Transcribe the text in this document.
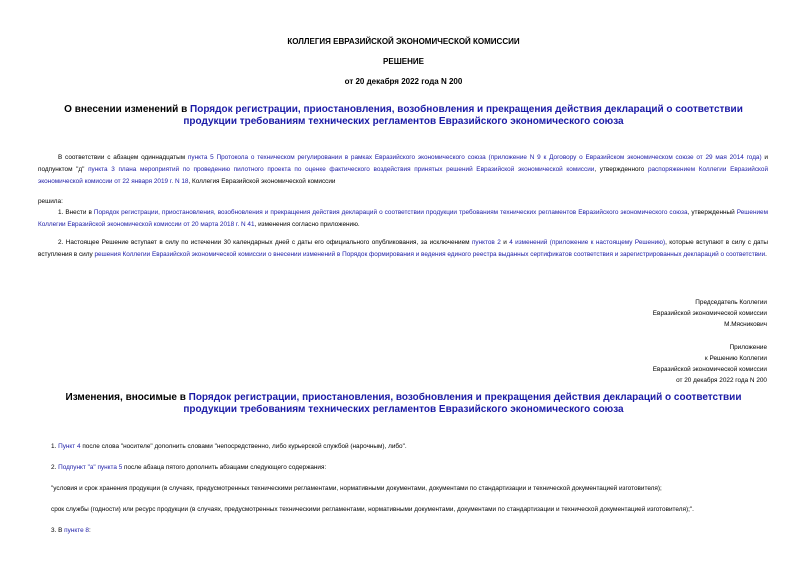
КОЛЛЕГИЯ ЕВРАЗИЙСКОЙ ЭКОНОМИЧЕСКОЙ КОМИССИИ
РЕШЕНИЕ
от 20 декабря 2022 года N 200
О внесении изменений в Порядок регистрации, приостановления, возобновления и прекращения действия деклараций о соответствии продукции требованиям технических регламентов Евразийского экономического союза
В соответствии с абзацем одиннадцатым пункта 5 Протокола о техническом регулировании в рамках Евразийского экономического союза (приложение N 9 к Договору о Евразийском экономическом союзе от 29 мая 2014 года) и подпунктом "д" пункта 3 плана мероприятий по проведению пилотного проекта по оценке фактического воздействия принятых решений Евразийской экономической комиссии, утвержденного распоряжением Коллегии Евразийской экономической комиссии от 22 января 2019 г. N 18, Коллегия Евразийской экономической комиссии
решила:
1. Внести в Порядок регистрации, приостановления, возобновления и прекращения действия деклараций о соответствии продукции требованиям технических регламентов Евразийского экономического союза, утвержденный Решением Коллегии Евразийской экономической комиссии от 20 марта 2018 г. N 41, изменения согласно приложению.
2. Настоящее Решение вступает в силу по истечении 30 календарных дней с даты его официального опубликования, за исключением пунктов 2 и 4 изменений (приложение к настоящему Решению), которые вступают в силу с даты вступления в силу решения Коллегии Евразийской экономической комиссии о внесении изменений в Порядок формирования и ведения единого реестра выданных сертификатов соответствия и зарегистрированных деклараций о соответствии.
Председатель Коллегии
Евразийской экономической комиссии
М.Мясникович
Приложение
к Решению Коллегии
Евразийской экономической комиссии
от 20 декабря 2022 года N 200
Изменения, вносимые в Порядок регистрации, приостановления, возобновления и прекращения действия деклараций о соответствии продукции требованиям технических регламентов Евразийского экономического союза
1. Пункт 4 после слова "носителе" дополнить словами "непосредственно, либо курьерской службой (нарочным), либо".
2. Подпункт "а" пункта 5 после абзаца пятого дополнить абзацами следующего содержания:
"условия и срок хранения продукции (в случаях, предусмотренных техническими регламентами, нормативными документами, документами по стандартизации и технической документацией изготовителя);
срок службы (годности) или ресурс продукции (в случаях, предусмотренных техническими регламентами, нормативными документами, документами по стандартизации и технической документацией изготовителя);".
3. В пункте 8:
